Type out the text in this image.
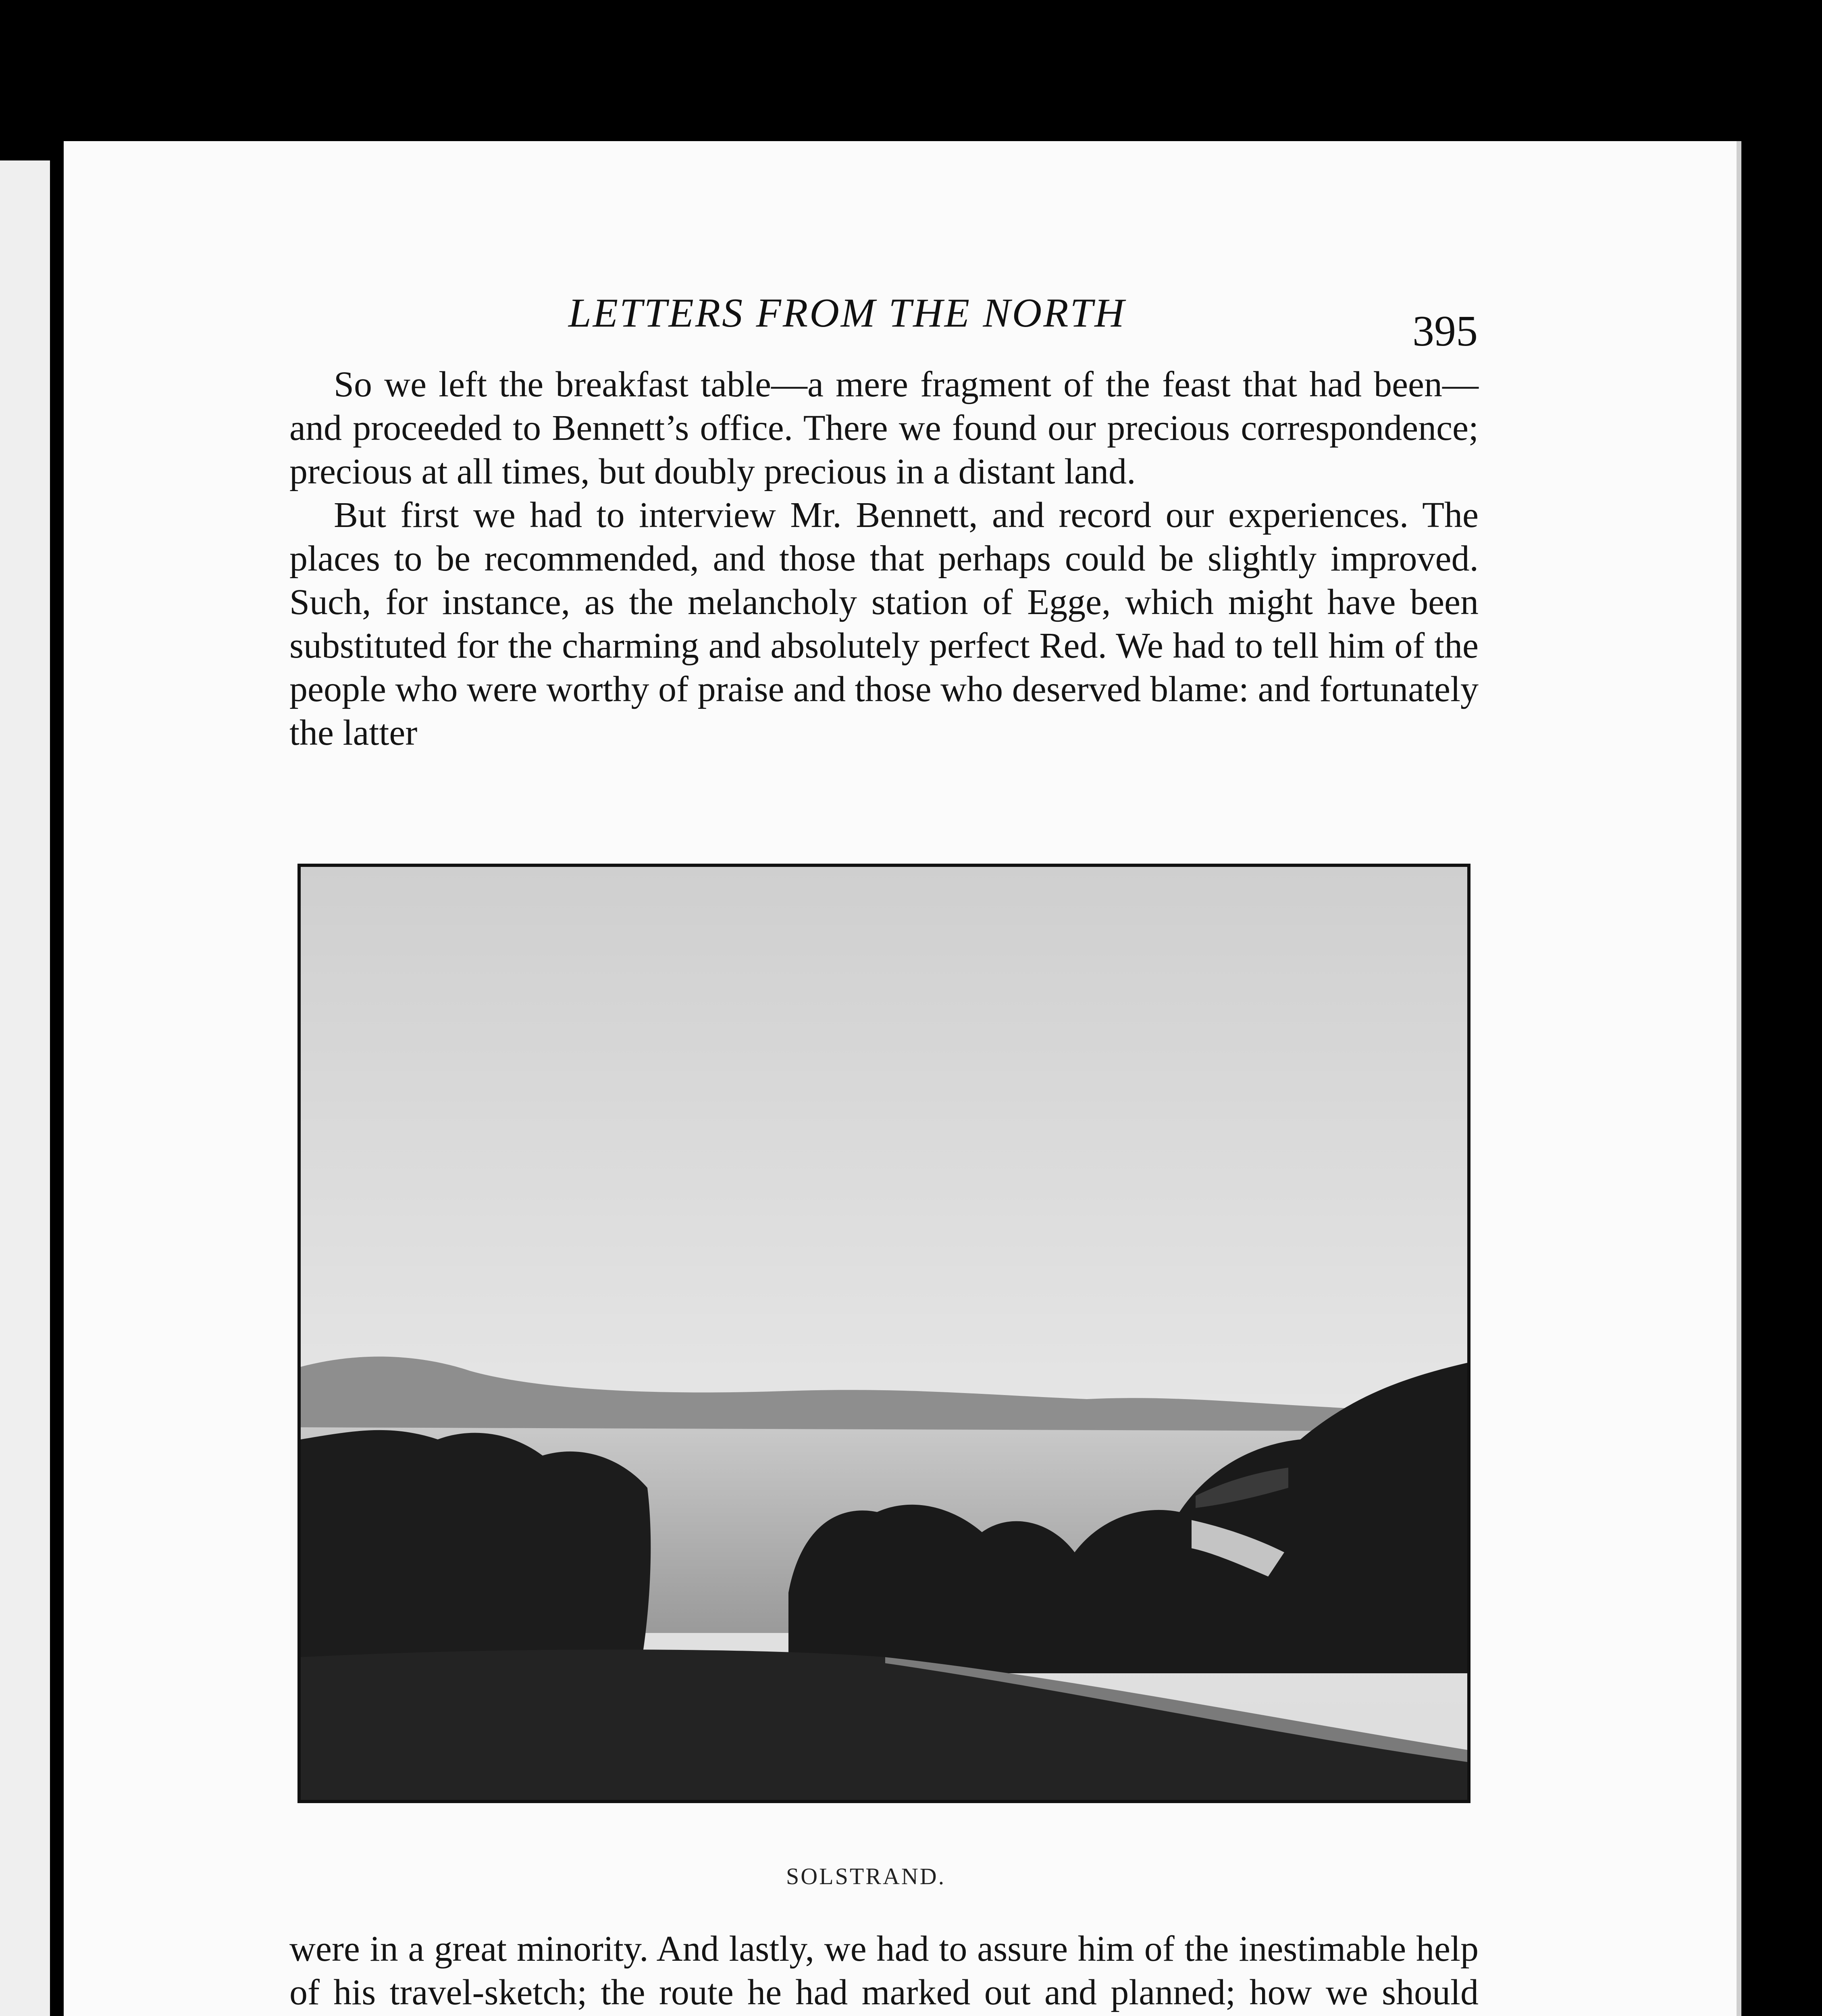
LETTERS FROM THE NORTH	395

So we left the breakfast table—a mere fragment of the feast that had been—and proceeded to Bennett’s office. There we found our precious correspondence; precious at all times, but doubly precious in a distant land.

But first we had to interview Mr. Bennett, and record our experiences. The places to be recommended, and those that perhaps could be slightly improved. Such, for instance, as the melancholy station of Egge, which might have been substituted for the charming and absolutely perfect Red. We had to tell him of the people who were worthy of praise and those who deserved blame: and fortunately the latter

SOLSTRAND.

were in a great minority. And lastly, we had to assure him of the inestimable help of his travel-sketch; the route he had marked out and planned; how we should
